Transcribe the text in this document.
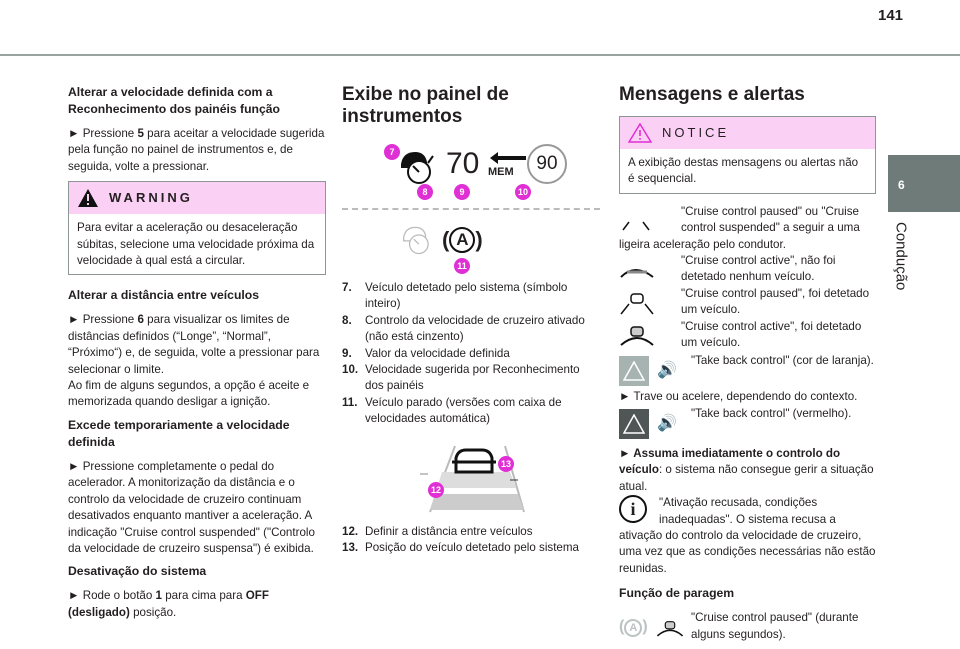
141
6
Condução
Alterar a velocidade definida com a Reconhecimento dos painéis função

► Pressione 5 para aceitar a velocidade sugerida pela função no painel de instrumentos e, de seguida, volte a pressionar.

WARNING
Para evitar a aceleração ou desaceleração súbitas, selecione uma velocidade próxima da velocidade à qual está a circular.
Alterar a distância entre veículos

► Pressione 6 para visualizar os limites de distâncias definidos (“Longe”, “Normal”, “Próximo“) e, de seguida, volte a pressionar para selecionar o limite.

Ao fim de alguns segundos, a opção é aceite e memorizada quando desligar a ignição.

Excede temporariamente a velocidade definida

► Pressione completamente o pedal do acelerador. A monitorização da distância e o controlo da velocidade de cruzeiro continuam desativados enquanto mantiver a aceleração. A indicação "Cruise control suspended" ("Controlo da velocidade de cruzeiro suspensa") é exibida.

Desativação do sistema

► Rode o botão 1 para cima para OFF (desligado) posição.

Exibe no painel de instrumentos
70 MEM	90
7
8	9	10
( A )
11
7.	Veículo detetado pelo sistema (símbolo inteiro)
8.	Controlo da velocidade de cruzeiro ativado (não está cinzento)
9.	Valor da velocidade definida
10. Velocidade sugerida por Reconhecimento dos painéis
11. Veículo parado (versões com caixa de velocidades automática)
12
13
12. Definir a distância entre veículos
13. Posição do veículo detetado pelo sistema
Mensagens e alertas
NOTICE
A exibição destas mensagens ou alertas não é sequencial.
"Cruise control paused" ou "Cruise control suspended" a seguir a uma ligeira aceleração pelo condutor.
"Cruise control active", não foi detetado nenhum veículo.
"Cruise control paused", foi detetado um veículo.
"Cruise control active", foi detetado um veículo.
🔊
"Take back control" (cor de laranja).

► Trave ou acelere, dependendo do contexto.

🔊
"Take back control" (vermelho).

► Assuma imediatamente o controlo do veículo: o sistema não consegue gerir a situação atual.

i	"Ativação recusada, condições inadequadas". O sistema recusa a ativação do controlo da velocidade de cruzeiro, uma vez que as condições necessárias não estão reunidas.
Função de paragem
( A )
"Cruise control paused" (durante alguns segundos).
